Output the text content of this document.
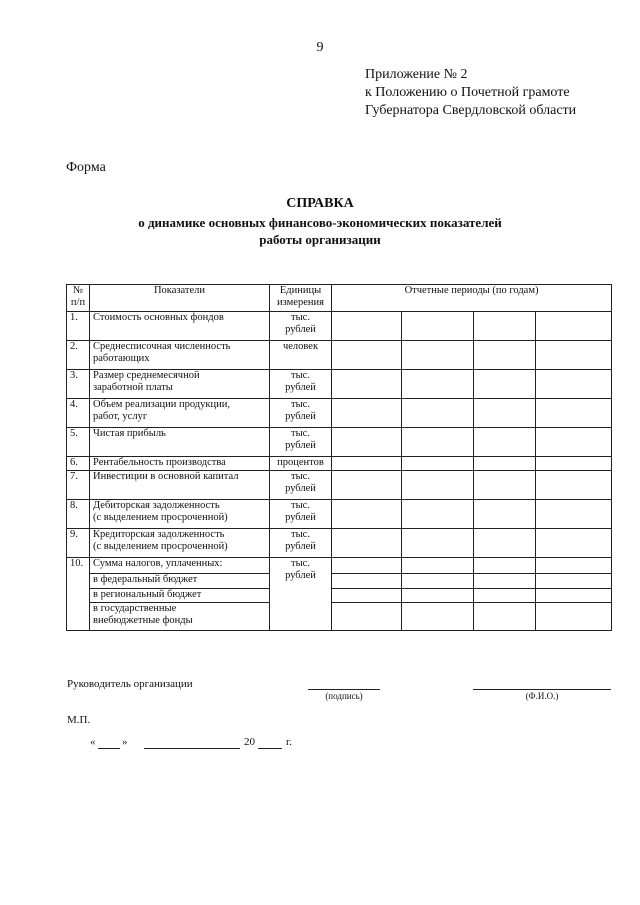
9
Приложение № 2
к Положению о Почетной грамоте
Губернатора Свердловской области
Форма
СПРАВКА
о динамике основных финансово-экономических показателей
работы организации
№
п/п	Показатели	Единицы
измерения	Отчетные периоды (по годам)			
1.	Стоимость основных фондов	тыс.
рублей				
2.	Среднесписочная численность
работающих	человек				
3.	Размер среднемесячной
заработной платы	тыс.
рублей				
4.	Объем реализации продукции,
работ, услуг	тыс.
рублей				
5.	Чистая прибыль	тыс.
рублей				
6.	Рентабельность производства	процентов				
7.	Инвестиции в основной капитал	тыс.
рублей				
8.	Дебиторская задолженность
(с выделением просроченной)	тыс.
рублей				
9.	Кредиторская задолженность
(с выделением просроченной)	тыс.
рублей				
10.	Сумма налогов, уплаченных:	тыс.
рублей				
	в федеральный бюджет					
	в региональный бюджет					
	в государственные
внебюджетные фонды					
Руководитель организации
(подпись)	(Ф.И.О.)
М.П.
« »	20	г.
